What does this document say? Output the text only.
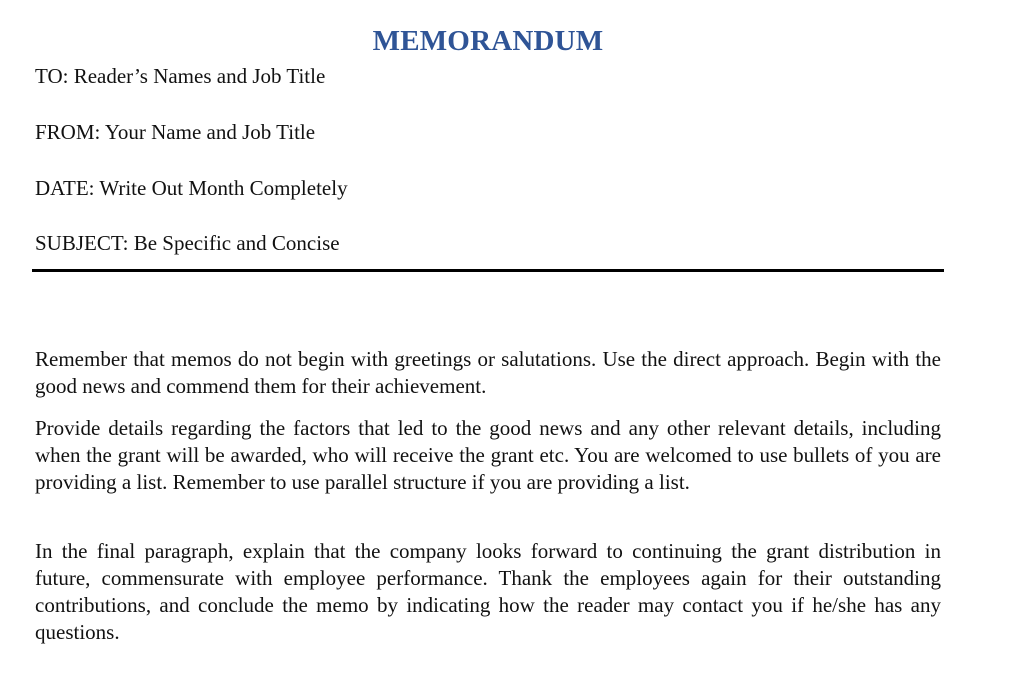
MEMORANDUM
TO: Reader’s Names and Job Title
FROM: Your Name and Job Title
DATE: Write Out Month Completely
SUBJECT: Be Specific and Concise

Remember that memos do not begin with greetings or salutations. Use the direct approach. Begin with the good news and commend them for their achievement.

Provide details regarding the factors that led to the good news and any other relevant details, including when the grant will be awarded, who will receive the grant etc. You are welcomed to use bullets of you are providing a list. Remember to use parallel structure if you are providing a list.

In the final paragraph, explain that the company looks forward to continuing the grant distribution in future, commensurate with employee performance. Thank the employees again for their outstanding contributions, and conclude the memo by indicating how the reader may contact you if he/she has any questions.
